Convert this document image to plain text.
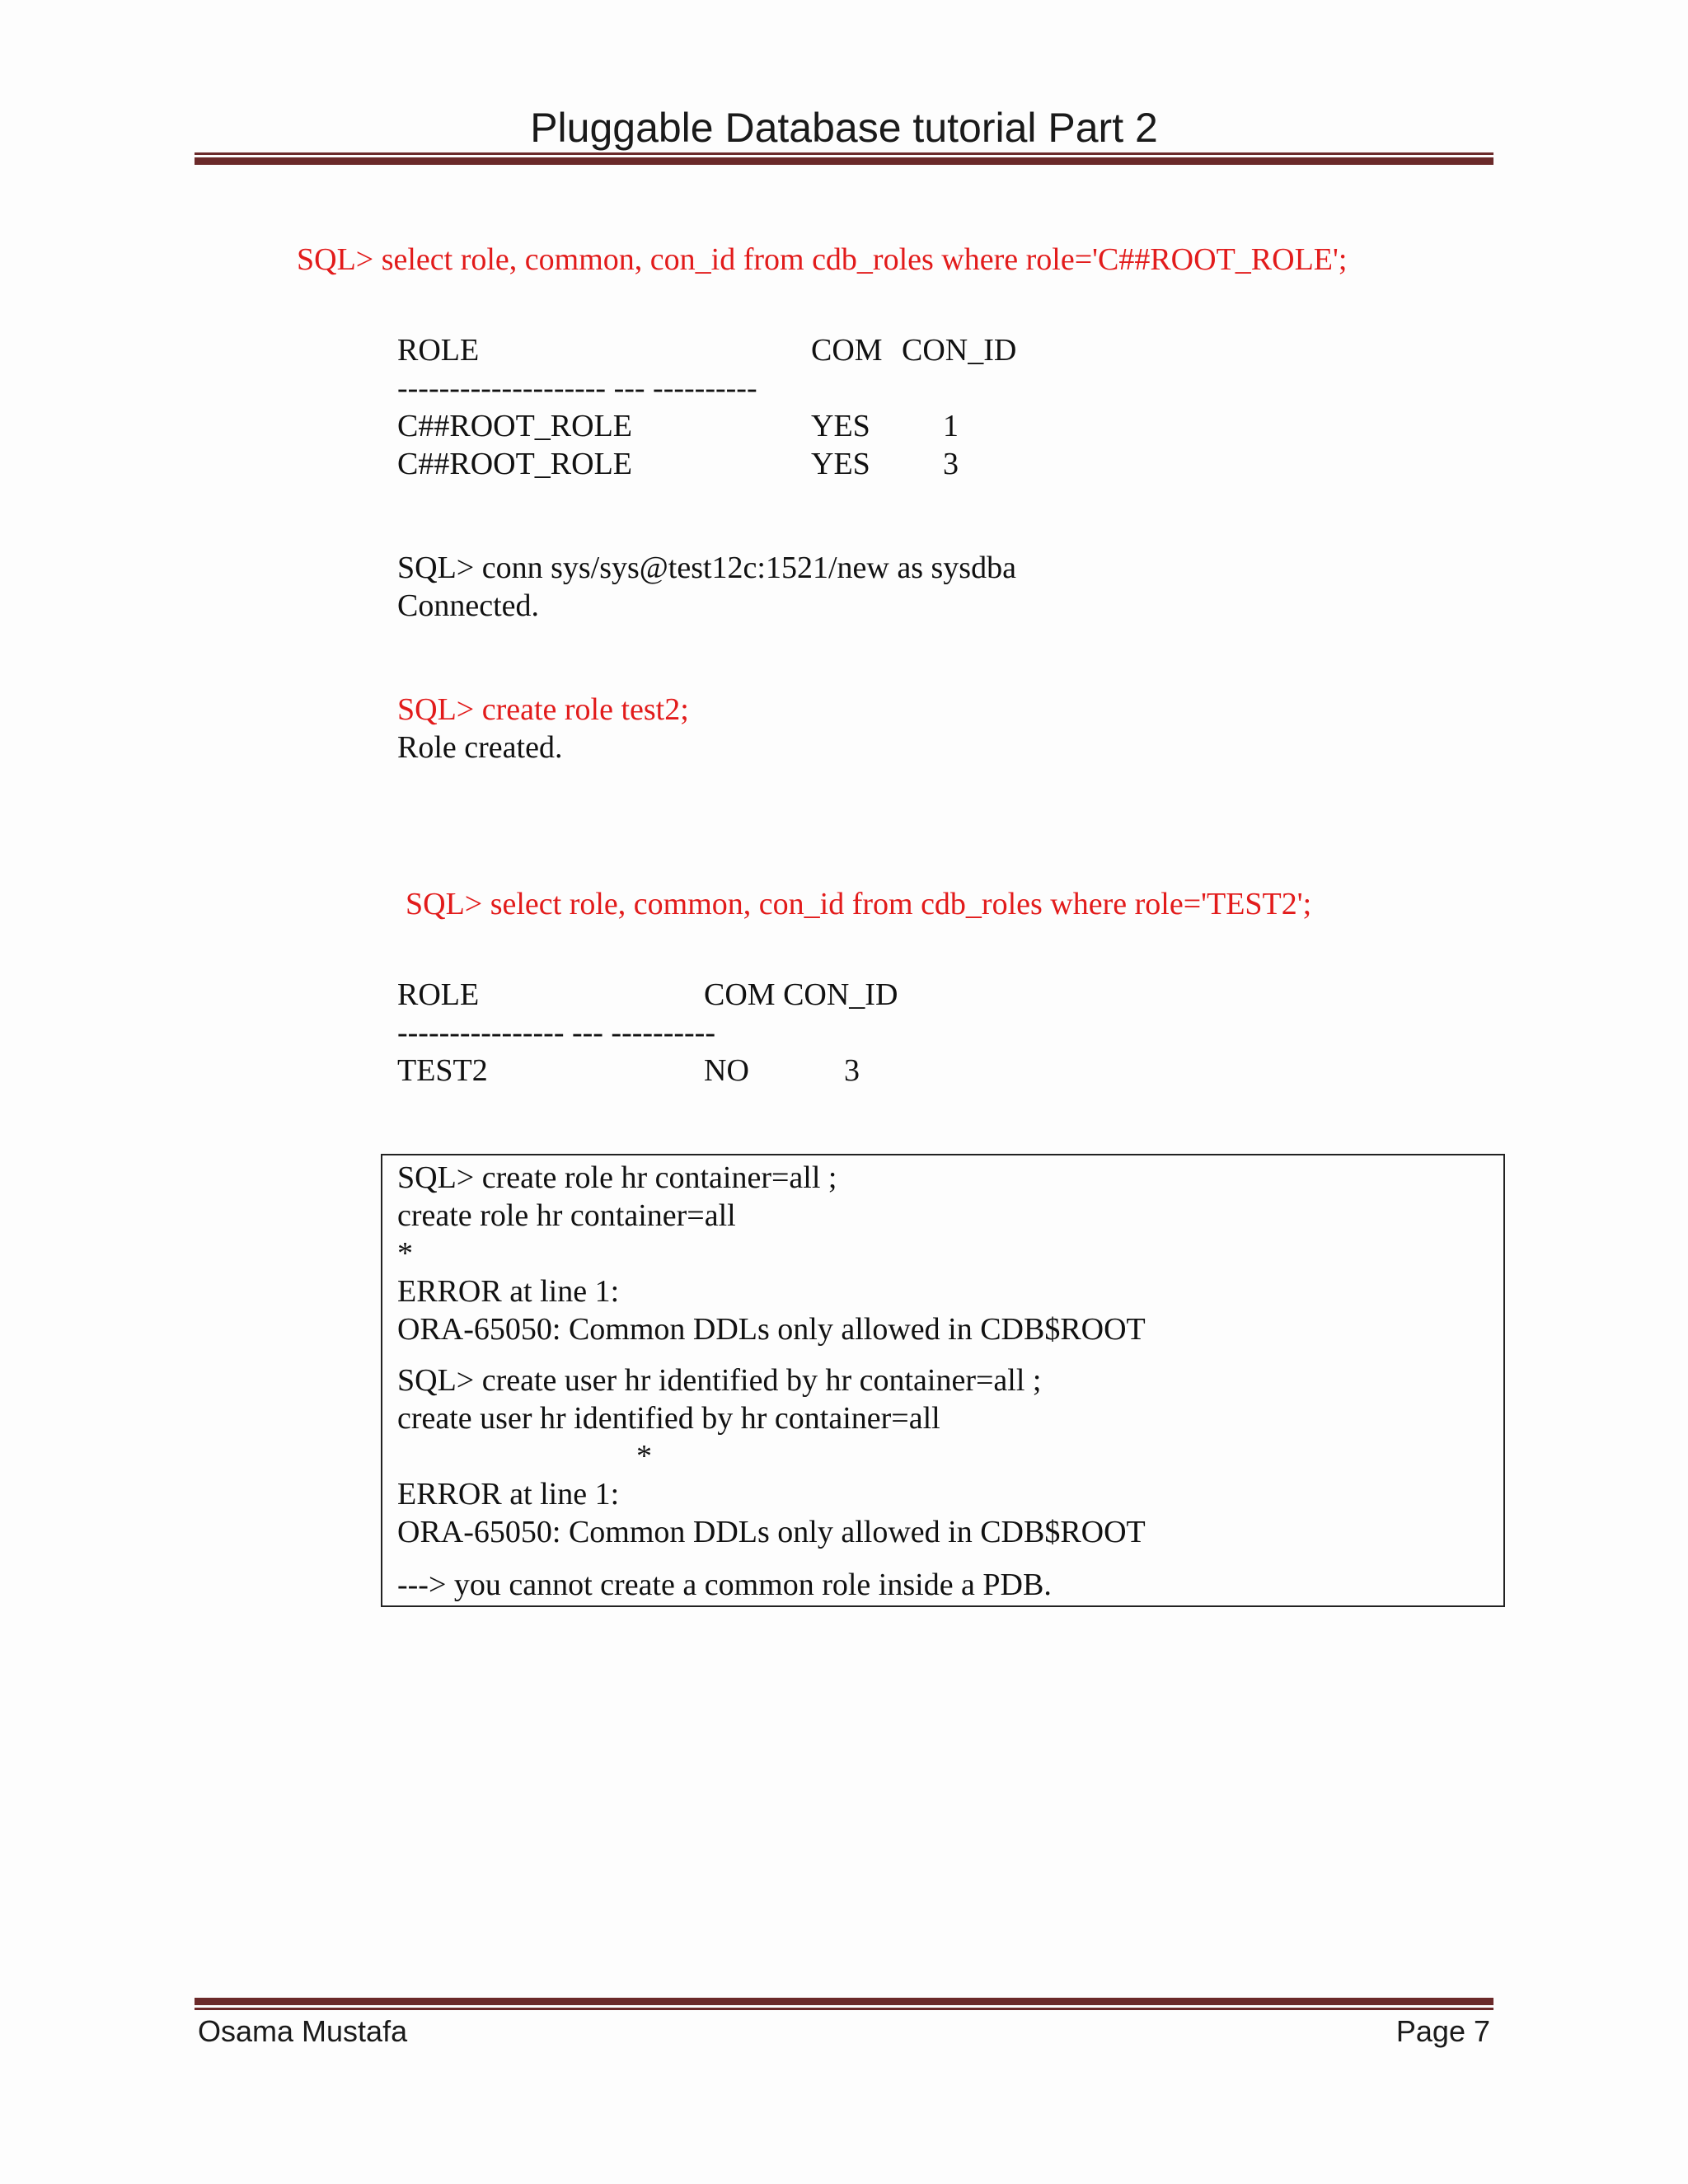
Pluggable Database tutorial Part 2
SQL> select role, common, con_id from cdb_roles where role='C##ROOT_ROLE';
ROLE	COM CON_ID
-------------------- --- ----------
C##ROOT_ROLE	YES 1
C##ROOT_ROLE	YES 3
SQL> conn sys/sys@test12c:1521/new as sysdba
Connected.
SQL> create role test2;
Role created.
SQL> select role, common, con_id from cdb_roles where role='TEST2';
ROLE	COM CON_ID
---------------- --- ----------
TEST2	NO	3
SQL> create role hr container=all ;
create role hr container=all
*
ERROR at line 1:
ORA-65050: Common DDLs only allowed in CDB$ROOT
SQL> create user hr identified by hr container=all ;
create user hr identified by hr container=all
*
ERROR at line 1:
ORA-65050: Common DDLs only allowed in CDB$ROOT
---> you cannot create a common role inside a PDB.
Osama Mustafa	Page 7
